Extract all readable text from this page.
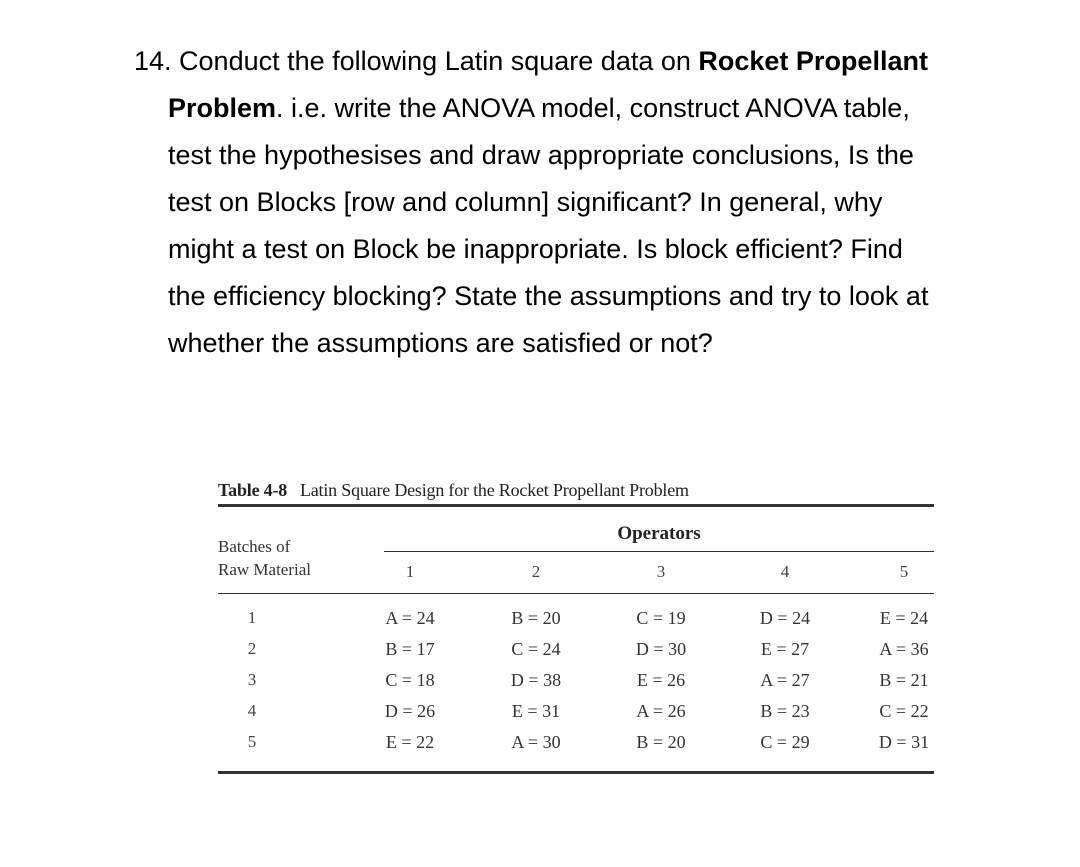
14. Conduct the following Latin square data on Rocket Propellant
Problem. i.e. write the ANOVA model, construct ANOVA table,
test the hypothesises and draw appropriate conclusions, Is the
test on Blocks [row and column] significant? In general, why
might a test on Block be inappropriate. Is block efficient? Find
the efficiency blocking? State the assumptions and try to look at
whether the assumptions are satisfied or not?
Table 4-8 Latin Square Design for the Rocket Propellant Problem
Batches of
Raw Material
Operators
1	2	3	4	5
1	A = 24	B = 20	C = 19	D = 24	E = 24
2	B = 17	C = 24	D = 30	E = 27	A = 36
3	C = 18	D = 38	E = 26	A = 27	B = 21
4	D = 26	E = 31	A = 26	B = 23	C = 22
5	E = 22	A = 30	B = 20	C = 29	D = 31
